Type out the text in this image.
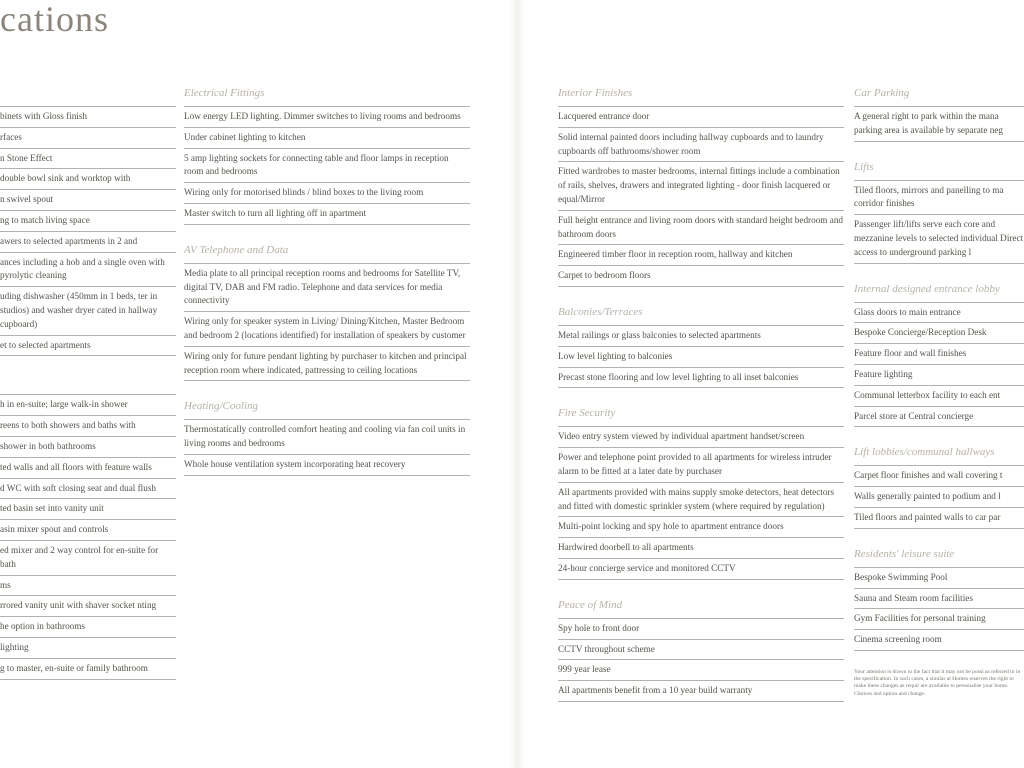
cations
binets with Gloss finish
rfaces
n Stone Effect
double bowl sink and worktop with
n swivel spout
ng to match living space
awers to selected apartments in 2 and
ances including a hob and a single oven with pyrolytic cleaning
uding dishwasher (450mm in 1 beds, ter in studios) and washer dryer cated in hallway cupboard)
et to selected apartments
h in en-suite; large walk-in shower
reens to both showers and baths with
shower in both bathrooms
ted walls and all floors with feature walls
d WC with soft closing seat and dual flush
ted basin set into vanity unit
asin mixer spout and controls
ed mixer and 2 way control for en-suite for bath
ms
rrored vanity unit with shaver socket nting
he option in bathrooms
lighting
g to master, en-suite or family bathroom
Electrical Fittings
Low energy LED lighting. Dimmer switches to living rooms and bedrooms
Under cabinet lighting to kitchen
5 amp lighting sockets for connecting table and floor lamps in reception room and bedrooms
Wiring only for motorised blinds / blind boxes to the living room
Master switch to turn all lighting off in apartment
AV Telephone and Data
Media plate to all principal reception rooms and bedrooms for Satellite TV, digital TV, DAB and FM radio. Telephone and data services for media connectivity
Wiring only for speaker system in Living/ Dining/Kitchen, Master Bedroom and bedroom 2 (locations identified) for installation of speakers by customer
Wiring only for future pendant lighting by purchaser to kitchen and principal reception room where indicated, pattressing to ceiling locations
Heating/Cooling
Thermostatically controlled comfort heating and cooling via fan coil units in living rooms and bedrooms
Whole house ventilation system incorporating heat recovery
Interior Finishes
Lacquered entrance door
Solid internal painted doors including hallway cupboards and to laundry cupboards off bathrooms/shower room
Fitted wardrobes to master bedrooms, internal fittings include a combination of rails, shelves, drawers and integrated lighting - door finish lacquered or equal/Mirror
Full height entrance and living room doors with standard height bedroom and bathroom doors
Engineered timber floor in reception room, hallway and kitchen
Carpet to bedroom floors
Balconies/Terraces
Metal railings or glass balconies to selected apartments
Low level lighting to balconies
Precast stone flooring and low level lighting to all inset balconies
Fire Security
Video entry system viewed by individual apartment handset/screen
Power and telephone point provided to all apartments for wireless intruder alarm to be fitted at a later date by purchaser
All apartments provided with mains supply smoke detectors, heat detectors and fitted with domestic sprinkler system (where required by regulation)
Multi-point locking and spy hole to apartment entrance doors
Hardwired doorbell to all apartments
24-hour concierge service and monitored CCTV
Peace of Mind
Spy hole to front door
CCTV throughout scheme
999 year lease
All apartments benefit from a 10 year build warranty
Car Parking
A general right to park within the mana parking area is available by separate neg
Lifts
Tiled floors, mirrors and panelling to ma corridor finishes
Passenger lift/lifts serve each core and mezzanine levels to selected individual Direct access to underground parking l
Internal designed entrance lobby
Glass doors to main entrance
Bespoke Concierge/Reception Desk
Feature floor and wall finishes
Feature lighting
Communal letterbox facility to each ent
Parcel store at Central concierge
Lift lobbies/communal hallways
Carpet floor finishes and wall covering t
Walls generally painted to podium and l
Tiled floors and painted walls to car par
Residents' leisure suite
Bespoke Swimming Pool
Sauna and Steam room facilities
Gym Facilities for personal training
Cinema screening room
Your attention is drawn to the fact that it may not be possi as referred to in the specification. In such cases, a similar al Homes reserves the right to make these changes as requir are available to personalise your home. Choices and option and change.
